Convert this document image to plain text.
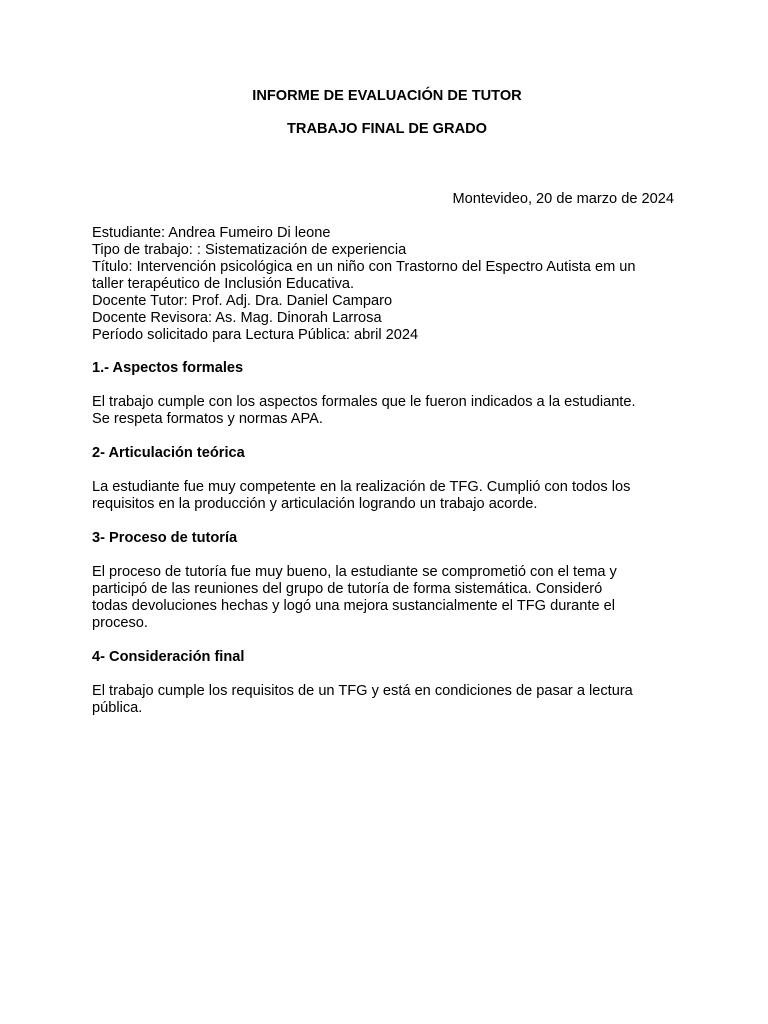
INFORME DE EVALUACIÓN DE TUTOR

TRABAJO FINAL DE GRADO

Montevideo, 20 de marzo de 2024

Estudiante: Andrea Fumeiro Di leone

Tipo de trabajo: : Sistematización de experiencia

Título: Intervención psicológica en un niño con Trastorno del Espectro Autista em un

taller terapéutico de Inclusión Educativa.

Docente Tutor: Prof. Adj. Dra. Daniel Camparo

Docente Revisora: As. Mag. Dinorah Larrosa

Período solicitado para Lectura Pública: abril 2024

1.- Aspectos formales

El trabajo cumple con los aspectos formales que le fueron indicados a la estudiante.

Se respeta formatos y normas APA.

2- Articulación teórica

La estudiante fue muy competente en la realización de TFG. Cumplió con todos los

requisitos en la producción y articulación logrando un trabajo acorde.

3- Proceso de tutoría

El proceso de tutoría fue muy bueno, la estudiante se comprometió con el tema y

participó de las reuniones del grupo de tutoría de forma sistemática. Consideró

todas devoluciones hechas y logó una mejora sustancialmente el TFG durante el

proceso.

4- Consideración final

El trabajo cumple los requisitos de un TFG y está en condiciones de pasar a lectura

pública.
